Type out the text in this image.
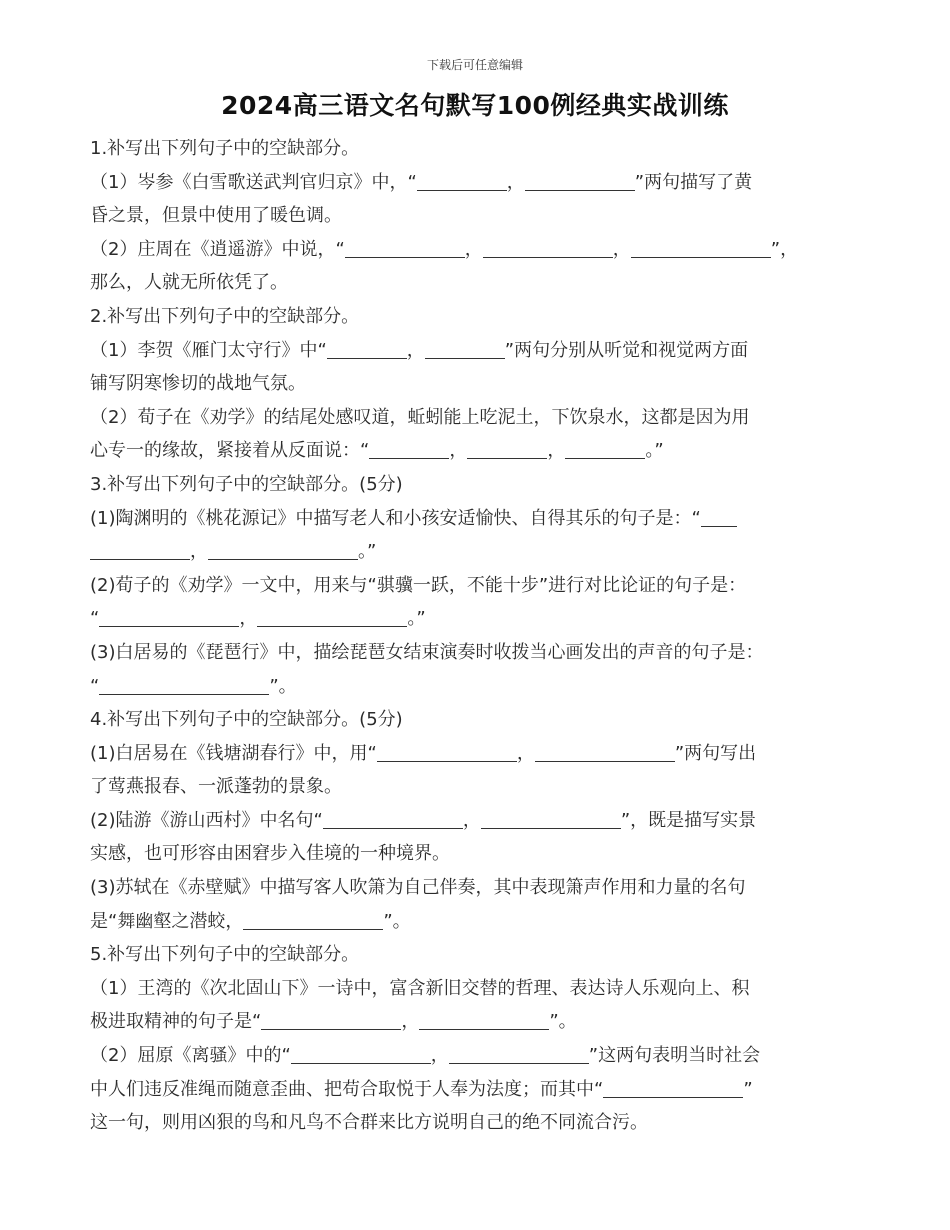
下载后可任意编辑
2024高三语文名句默写100例经典实战训练
1.补写出下列句子中的空缺部分。
（1）岑参《白雪歌送武判官归京》中，“	，	”两句描写了黄
昏之景，但景中使用了暖色调。
（2）庄周在《逍遥游》中说，“	，	，	”，
那么，人就无所依凭了。
2.补写出下列句子中的空缺部分。
（1）李贺《雁门太守行》中“	，	”两句分别从听觉和视觉两方面
铺写阴寒惨切的战地气氛。
（2）荀子在《劝学》的结尾处感叹道，蚯蚓能上吃泥土，下饮泉水，这都是因为用
心专一的缘故，紧接着从反面说：“	，	，	。”
3.补写出下列句子中的空缺部分。(5分)
(1)陶渊明的《桃花源记》中描写老人和小孩安适愉快、自得其乐的句子是：“
，	。”
(2)荀子的《劝学》一文中，用来与“骐骥一跃，不能十步”进行对比论证的句子是：
“	，	。”
(3)白居易的《琵琶行》中，描绘琵琶女结束演奏时收拨当心画发出的声音的句子是：
“	”。
4.补写出下列句子中的空缺部分。(5分)
(1)白居易在《钱塘湖春行》中，用“	，	”两句写出
了莺燕报春、一派蓬勃的景象。
(2)陆游《游山西村》中名句“	，	”，既是描写实景
实感，也可形容由困窘步入佳境的一种境界。
(3)苏轼在《赤壁赋》中描写客人吹箫为自己伴奏，其中表现箫声作用和力量的名句
是“舞幽壑之潜蛟，	”。
5.补写出下列句子中的空缺部分。
（1）王湾的《次北固山下》一诗中，富含新旧交替的哲理、表达诗人乐观向上、积
极进取精神的句子是“	，	”。
（2）屈原《离骚》中的“	，	”这两句表明当时社会
中人们违反准绳而随意歪曲、把苟合取悦于人奉为法度；而其中“	”
这一句，则用凶狠的鸟和凡鸟不合群来比方说明自己的绝不同流合污。
